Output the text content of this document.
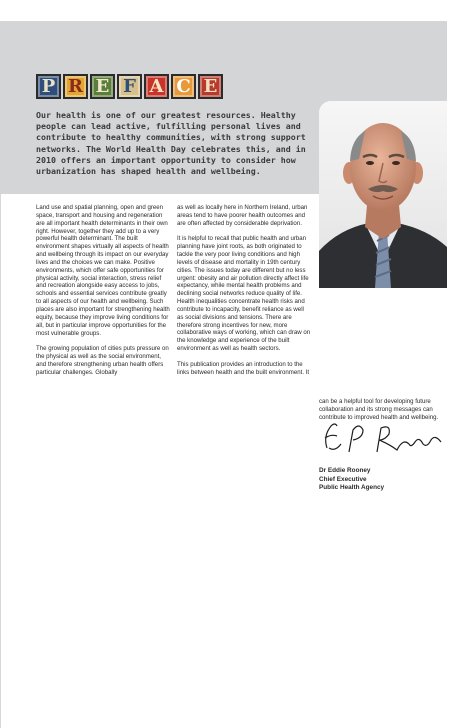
P R E F A C E
Our health is one of our greatest resources. Healthy people can lead active, fulfilling personal lives and contribute to healthy communities, with strong support networks. The World Health Day celebrates this, and in 2010 offers an important opportunity to consider how urbanization has shaped health and wellbeing.

Land use and spatial planning, open and green space, transport and housing and regeneration are all important health determinants in their own right. However, together they add up to a very powerful health determinant. The built environment shapes virtually all aspects of health and wellbeing through its impact on our everyday lives and the choices we can make. Positive environments, which offer safe opportunities for physical activity, social interaction, stress relief and recreation alongside easy access to jobs, schools and essential services contribute greatly to all aspects of our health and wellbeing. Such places are also important for strengthening health equity, because they improve living conditions for all, but in particular improve opportunities for the most vulnerable groups.

The growing population of cities puts pressure on the physical as well as the social environment, and therefore strengthening urban health offers particular challenges. Globally

as well as locally here in Northern Ireland, urban areas tend to have poorer health outcomes and are often affected by considerable deprivation.

It is helpful to recall that public health and urban planning have joint roots, as both originated to tackle the very poor living conditions and high levels of disease and mortality in 19th century cities. The issues today are different but no less urgent: obesity and air pollution directly affect life expectancy, while mental health problems and declining social networks reduce quality of life. Health inequalities concentrate health risks and contribute to incapacity, benefit reliance as well as social divisions and tensions. There are therefore strong incentives for new, more collaborative ways of working, which can draw on the knowledge and experience of the built environment as well as health sectors.

This publication provides an introduction to the links between health and the built environment. It

can be a helpful tool for developing future collaboration and its strong messages can contribute to improved health and wellbeing.

Dr Eddie Rooney
Chief Executive
Public Health Agency
